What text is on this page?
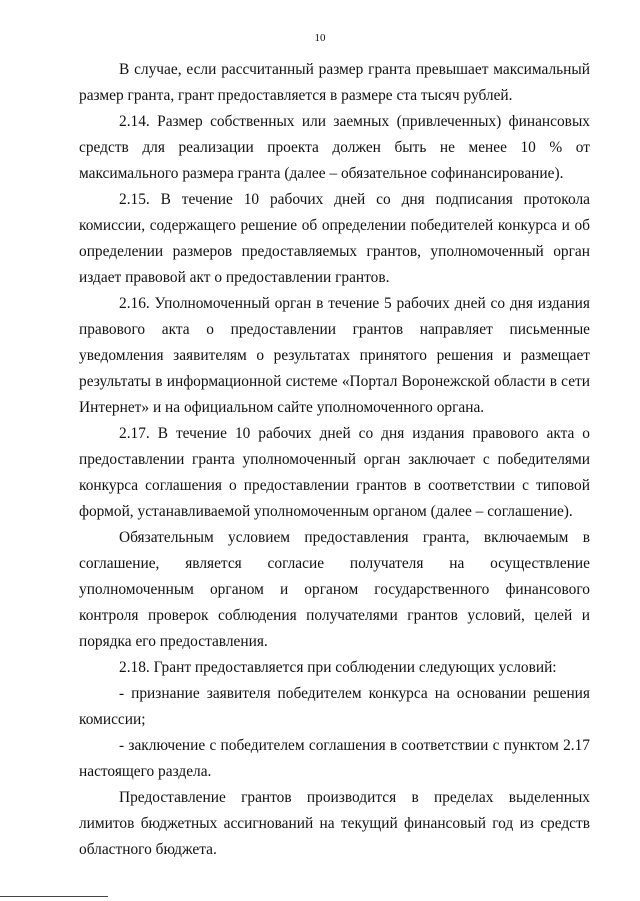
10

В случае, если рассчитанный размер гранта превышает максимальный размер гранта, грант предоставляется в размере ста тысяч рублей.

2.14. Размер собственных или заемных (привлеченных) финансовых средств для реализации проекта должен быть не менее 10 % от максимального размера гранта (далее – обязательное софинансирование).

2.15. В течение 10 рабочих дней со дня подписания протокола комиссии, содержащего решение об определении победителей конкурса и об определении размеров предоставляемых грантов, уполномоченный орган издает правовой акт о предоставлении грантов.

2.16. Уполномоченный орган в течение 5 рабочих дней со дня издания правового акта о предоставлении грантов направляет письменные уведомления заявителям о результатах принятого решения и размещает результаты в информационной системе «Портал Воронежской области в сети Интернет» и на официальном сайте уполномоченного органа.

2.17. В течение 10 рабочих дней со дня издания правового акта о предоставлении гранта уполномоченный орган заключает с победителями конкурса соглашения о предоставлении грантов в соответствии с типовой формой, устанавливаемой уполномоченным органом (далее – соглашение).

Обязательным условием предоставления гранта, включаемым в соглашение, является согласие получателя на осуществление уполномоченным органом и органом государственного финансового контроля проверок соблюдения получателями грантов условий, целей и порядка его предоставления.

2.18. Грант предоставляется при соблюдении следующих условий:

- признание заявителя победителем конкурса на основании решения комиссии;

- заключение с победителем соглашения в соответствии с пунктом 2.17 настоящего раздела.

Предоставление грантов производится в пределах выделенных лимитов бюджетных ассигнований на текущий финансовый год из средств областного бюджета.
